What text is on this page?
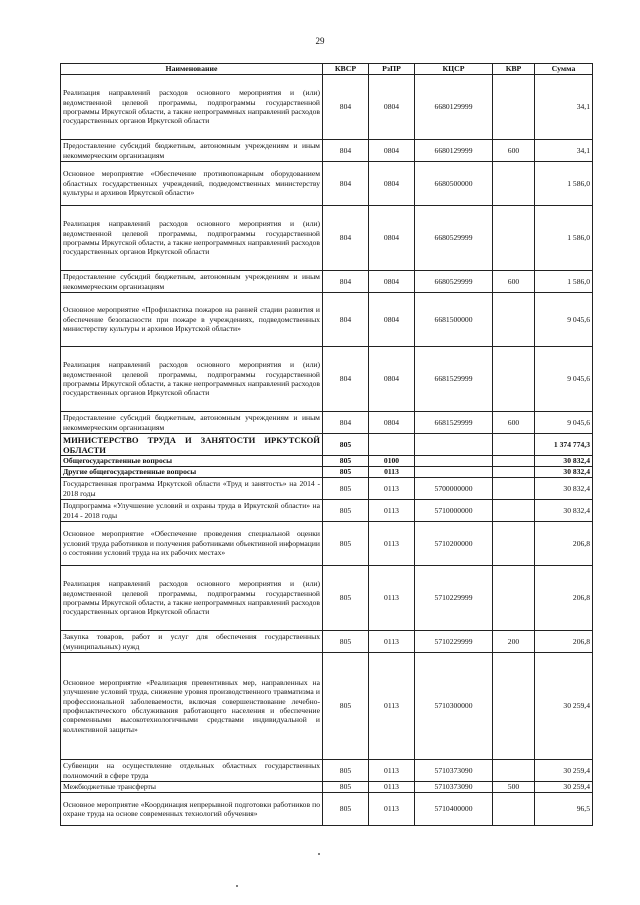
29
Наименование	КВСР	РзПР	КЦСР	КВР	Сумма
Реализация направлений расходов основного мероприятия и (или) ведомственной целевой программы, подпрограммы государственной программы Иркутской области, а также непрограммных направлений расходов государственных органов Иркутской области	804	0804	6680129999		34,1
Предоставление субсидий бюджетным, автономным учреждениям и иным некоммерческим организациям	804	0804	6680129999	600	34,1
Основное мероприятие «Обеспечение противопожарным оборудованием областных государственных учреждений, подведомственных министерству культуры и архивов Иркутской области»	804	0804	6680500000		1 586,0
Реализация направлений расходов основного мероприятия и (или) ведомственной целевой программы, подпрограммы государственной программы Иркутской области, а также непрограммных направлений расходов государственных органов Иркутской области	804	0804	6680529999		1 586,0
Предоставление субсидий бюджетным, автономным учреждениям и иным некоммерческим организациям	804	0804	6680529999	600	1 586,0
Основное мероприятие «Профилактика пожаров на ранней стадии развития и обеспечение безопасности при пожаре в учреждениях, подведомственных министерству культуры и архивов Иркутской области»	804	0804	6681500000		9 045,6
Реализация направлений расходов основного мероприятия и (или) ведомственной целевой программы, подпрограммы государственной программы Иркутской области, а также непрограммных направлений расходов государственных органов Иркутской области	804	0804	6681529999		9 045,6
Предоставление субсидий бюджетным, автономным учреждениям и иным некоммерческим организациям	804	0804	6681529999	600	9 045,6
МИНИСТЕРСТВО ТРУДА И ЗАНЯТОСТИ ИРКУТСКОЙ ОБЛАСТИ	805				1 374 774,3
Общегосударственные вопросы	805	0100			30 832,4
Другие общегосударственные вопросы	805	0113			30 832,4
Государственная программа Иркутской области «Труд и занятость» на 2014 - 2018 годы	805	0113	5700000000		30 832,4
Подпрограмма «Улучшение условий и охраны труда в Иркутской области» на 2014 - 2018 годы	805	0113	5710000000		30 832,4
Основное мероприятие «Обеспечение проведения специальной оценки условий труда работников и получения работниками объективной информации о состоянии условий труда на их рабочих местах»	805	0113	5710200000		206,8
Реализация направлений расходов основного мероприятия и (или) ведомственной целевой программы, подпрограммы государственной программы Иркутской области, а также непрограммных направлений расходов государственных органов Иркутской области	805	0113	5710229999		206,8
Закупка товаров, работ и услуг для обеспечения государственных (муниципальных) нужд	805	0113	5710229999	200	206,8
Основное мероприятие «Реализация превентивных мер, направленных на улучшение условий труда, снижение уровня производственного травматизма и профессиональной заболеваемости, включая совершенствование лечебно-профилактического обслуживания работающего населения и обеспечение современными высокотехнологичными средствами индивидуальной и коллективной защиты»	805	0113	5710300000		30 259,4
Субвенции на осуществление отдельных областных государственных полномочий в сфере труда	805	0113	5710373090		30 259,4
Межбюджетные трансферты	805	0113	5710373090	500	30 259,4
Основное мероприятие «Координация непрерывной подготовки работников по охране труда на основе современных технологий обучения»	805	0113	5710400000		96,5
